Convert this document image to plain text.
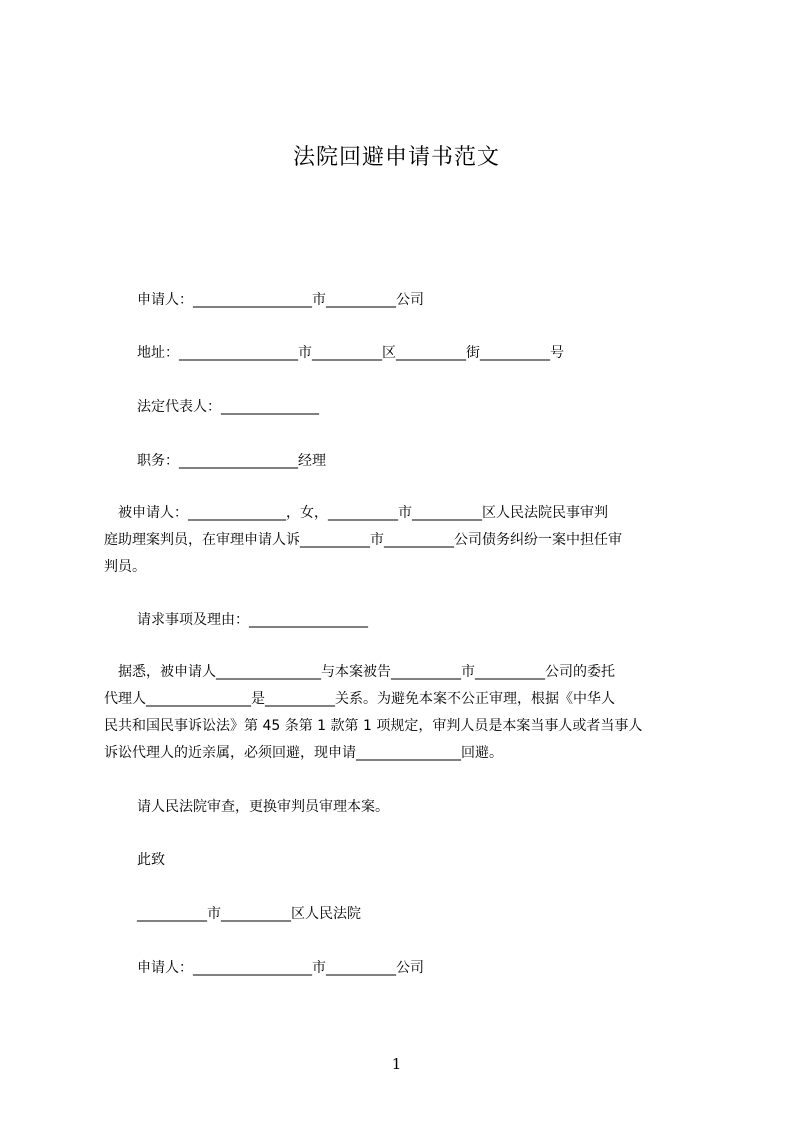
法院回避申请书范文
申请人：_________________市__________公司
地址：_________________市__________区__________街__________号
法定代表人：______________
职务：_________________经理
　被申请人：______________，女，__________市__________区人民法院民事审判
庭助理案判员，在审理申请人诉__________市__________公司债务纠纷一案中担任审
判员。
请求事项及理由：_________________
　据悉，被申请人_______________与本案被告__________市__________公司的委托
代理人_______________是__________关系。为避免本案不公正审理，根据《中华人
民共和国民事诉讼法》第 45 条第 1 款第 1 项规定，审判人员是本案当事人或者当事人
诉讼代理人的近亲属，必须回避，现申请_______________回避。
请人民法院审查，更换审判员审理本案。
此致
__________市__________区人民法院
申请人：_________________市__________公司
1
